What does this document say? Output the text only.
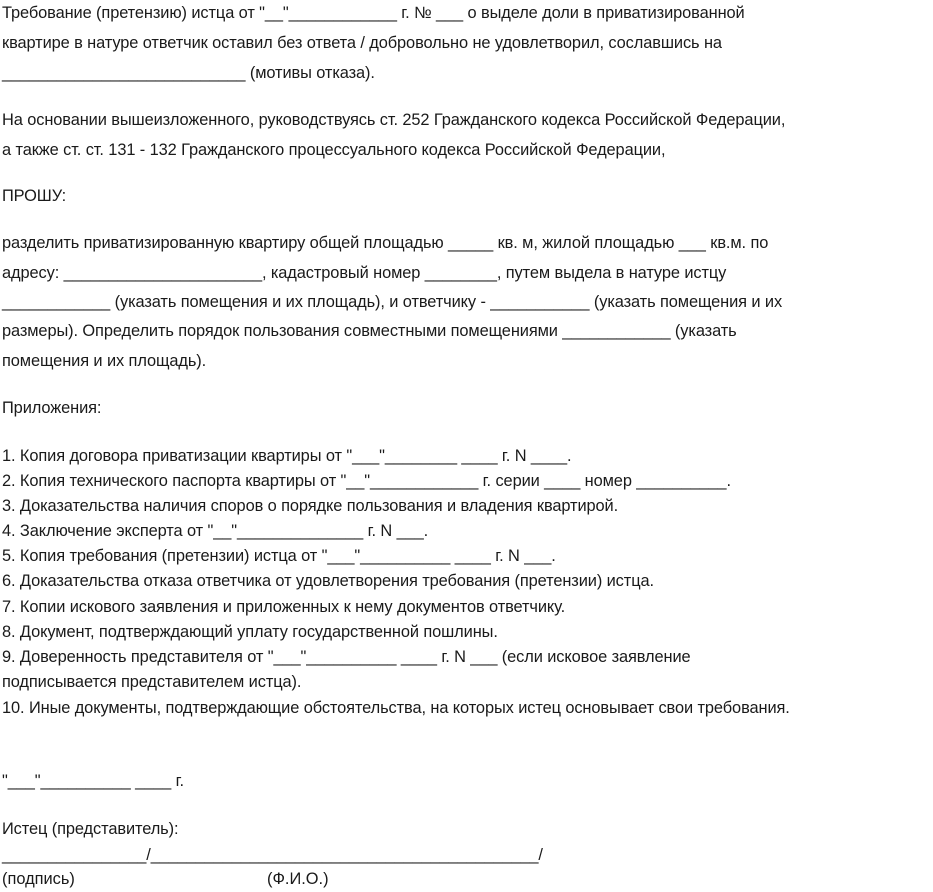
Требование (претензию) истца от "__"____________ г. № ___ о выделе доли в приватизированной
квартире в натуре ответчик оставил без ответа / добровольно не удовлетворил, сославшись на
___________________________ (мотивы отказа).
На основании вышеизложенного, руководствуясь ст. 252 Гражданского кодекса Российской Федерации,
а также ст. ст. 131 - 132 Гражданского процессуального кодекса Российской Федерации,
ПРОШУ:
разделить приватизированную квартиру общей площадью _____ кв. м, жилой площадью ___ кв.м. по
адресу: ______________________, кадастровый номер ________, путем выдела в натуре истцу
____________ (указать помещения и их площадь), и ответчику - ___________ (указать помещения и их
размеры). Определить порядок пользования совместными помещениями ____________ (указать
помещения и их площадь).
Приложения:
1. Копия договора приватизации квартиры от "___"________ ____ г. N ____.
2. Копия технического паспорта квартиры от "__"____________ г. серии ____ номер __________.
3. Доказательства наличия споров о порядке пользования и владения квартирой.
4. Заключение эксперта от "__"______________ г. N ___.
5. Копия требования (претензии) истца от "___"__________ ____ г. N ___.
6. Доказательства отказа ответчика от удовлетворения требования (претензии) истца.
7. Копии искового заявления и приложенных к нему документов ответчику.
8. Документ, подтверждающий уплату государственной пошлины.
9. Доверенность представителя от "___"__________ ____ г. N ___ (если исковое заявление
подписывается представителем истца).
10. Иные документы, подтверждающие обстоятельства, на которых истец основывает свои требования.
"___"__________ ____ г.
Истец (представитель):
________________/___________________________________________/
(подпись)	(Ф.И.О.)
